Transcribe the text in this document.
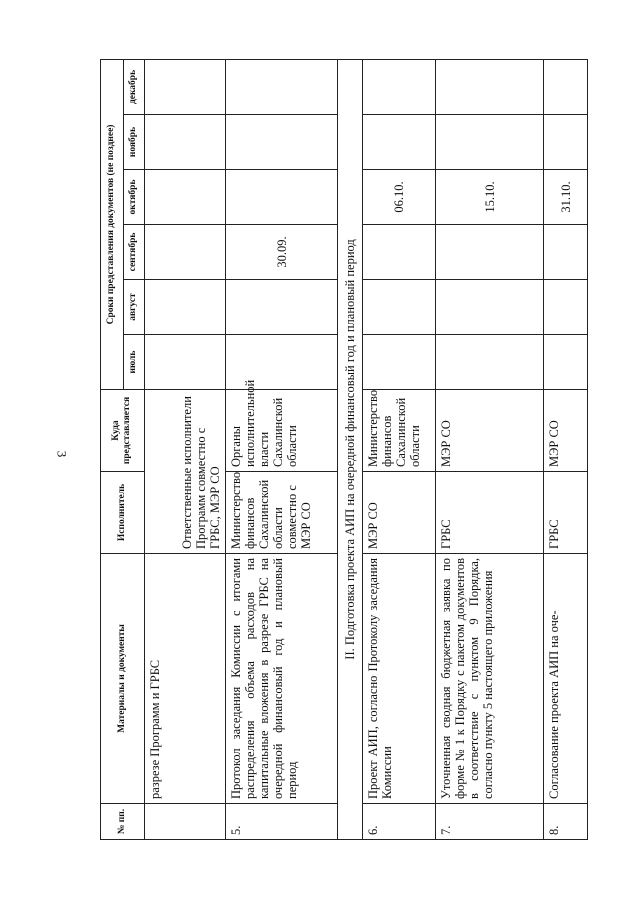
3
№ пп.	Материалы и документы	Исполнитель	Куда представляется	Сроки представления документов (не позднее)					
				июль	август	сентябрь	октябрь	ноябрь	декабрь
	разрезе Программ и ГРБС	Ответственные исполнители Программ совместно с ГРБС, МЭР СО							
5.	Протокол заседания Комиссии с итогами распределения объема расходов на капитальные вложения в разрезе ГРБС на очередной финансовый год и плановый период	Министерство финансов Сахалинской области совместно с МЭР СО	Органы исполнительной власти Сахалинской области			30.09.			
II. Подготовка проекта АИП на очередной финансовый год и плановый период									
6.	Проект АИП, согласно Протоколу заседания Комиссии	МЭР СО	Министерство финансов Сахалинской области				06.10.		
7.	Уточненная сводная бюджетная заявка по форме № 1 к Порядку с пакетом документов в соответствие с пунктом 9 Порядка, согласно пункту 5 настоящего приложения	ГРБС	МЭР СО				15.10.		
8.	Согласование проекта АИП на оче-	ГРБС	МЭР СО				31.10.		
